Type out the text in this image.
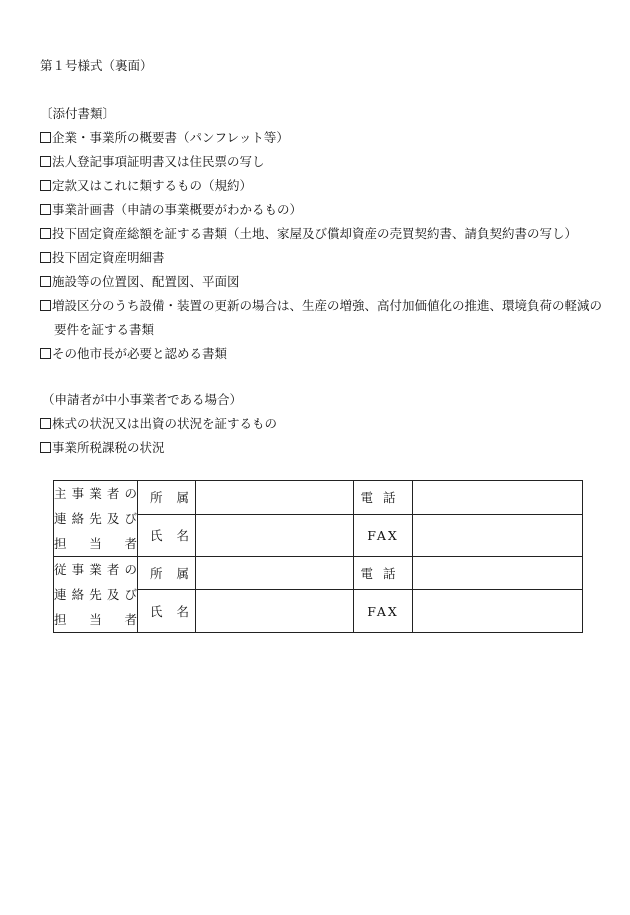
第１号様式（裏面）
〔添付書類〕
企業・事業所の概要書（パンフレット等）
法人登記事項証明書又は住民票の写し
定款又はこれに類するもの（規約）
事業計画書（申請の事業概要がわかるもの）
投下固定資産総額を証する書類（土地、家屋及び償却資産の売買契約書、請負契約書の写し）
投下固定資産明細書
施設等の位置図、配置図、平面図
増設区分のうち設備・装置の更新の場合は、生産の増強、高付加価値化の推進、環境負荷の軽減の
要件を証する書類
その他市長が必要と認める書類
（申請者が中小事業者である場合）
株式の状況又は出資の状況を証するもの
事業所税課税の状況
主事業者の
連絡先及び
担当者	所属		電話	
	氏名		FAX	

従事業者の
連絡先及び
担当者	所属		電話	
	氏名		FAX	
